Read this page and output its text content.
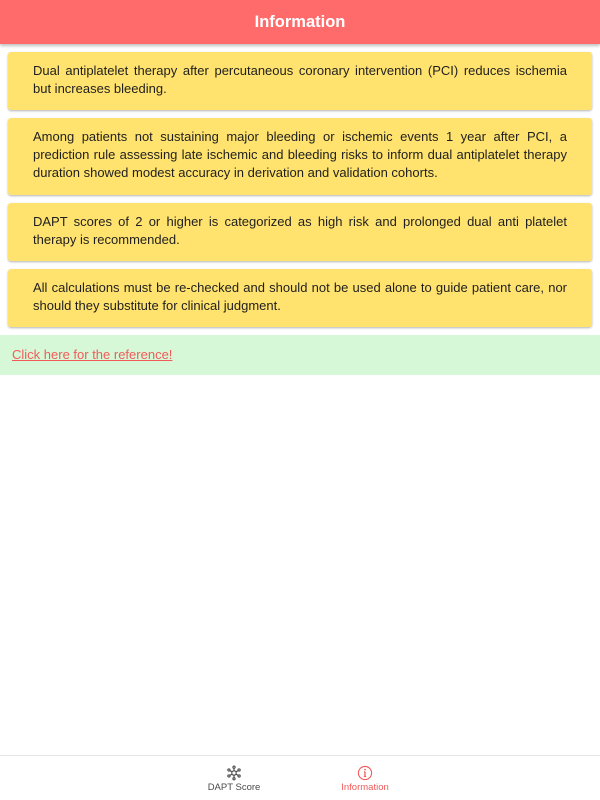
Information
Dual antiplatelet therapy after percutaneous coronary intervention (PCI) reduces ischemia but increases bleeding.
Among patients not sustaining major bleeding or ischemic events 1 year after PCI, a prediction rule assessing late ischemic and bleeding risks to inform dual antiplatelet therapy duration showed modest accuracy in derivation and validation cohorts.
DAPT scores of 2 or higher is categorized as high risk and prolonged dual anti platelet therapy is recommended.
All calculations must be re-checked and should not be used alone to guide patient care, nor should they substitute for clinical judgment.
Click here for the reference!
DAPT Score	Information
